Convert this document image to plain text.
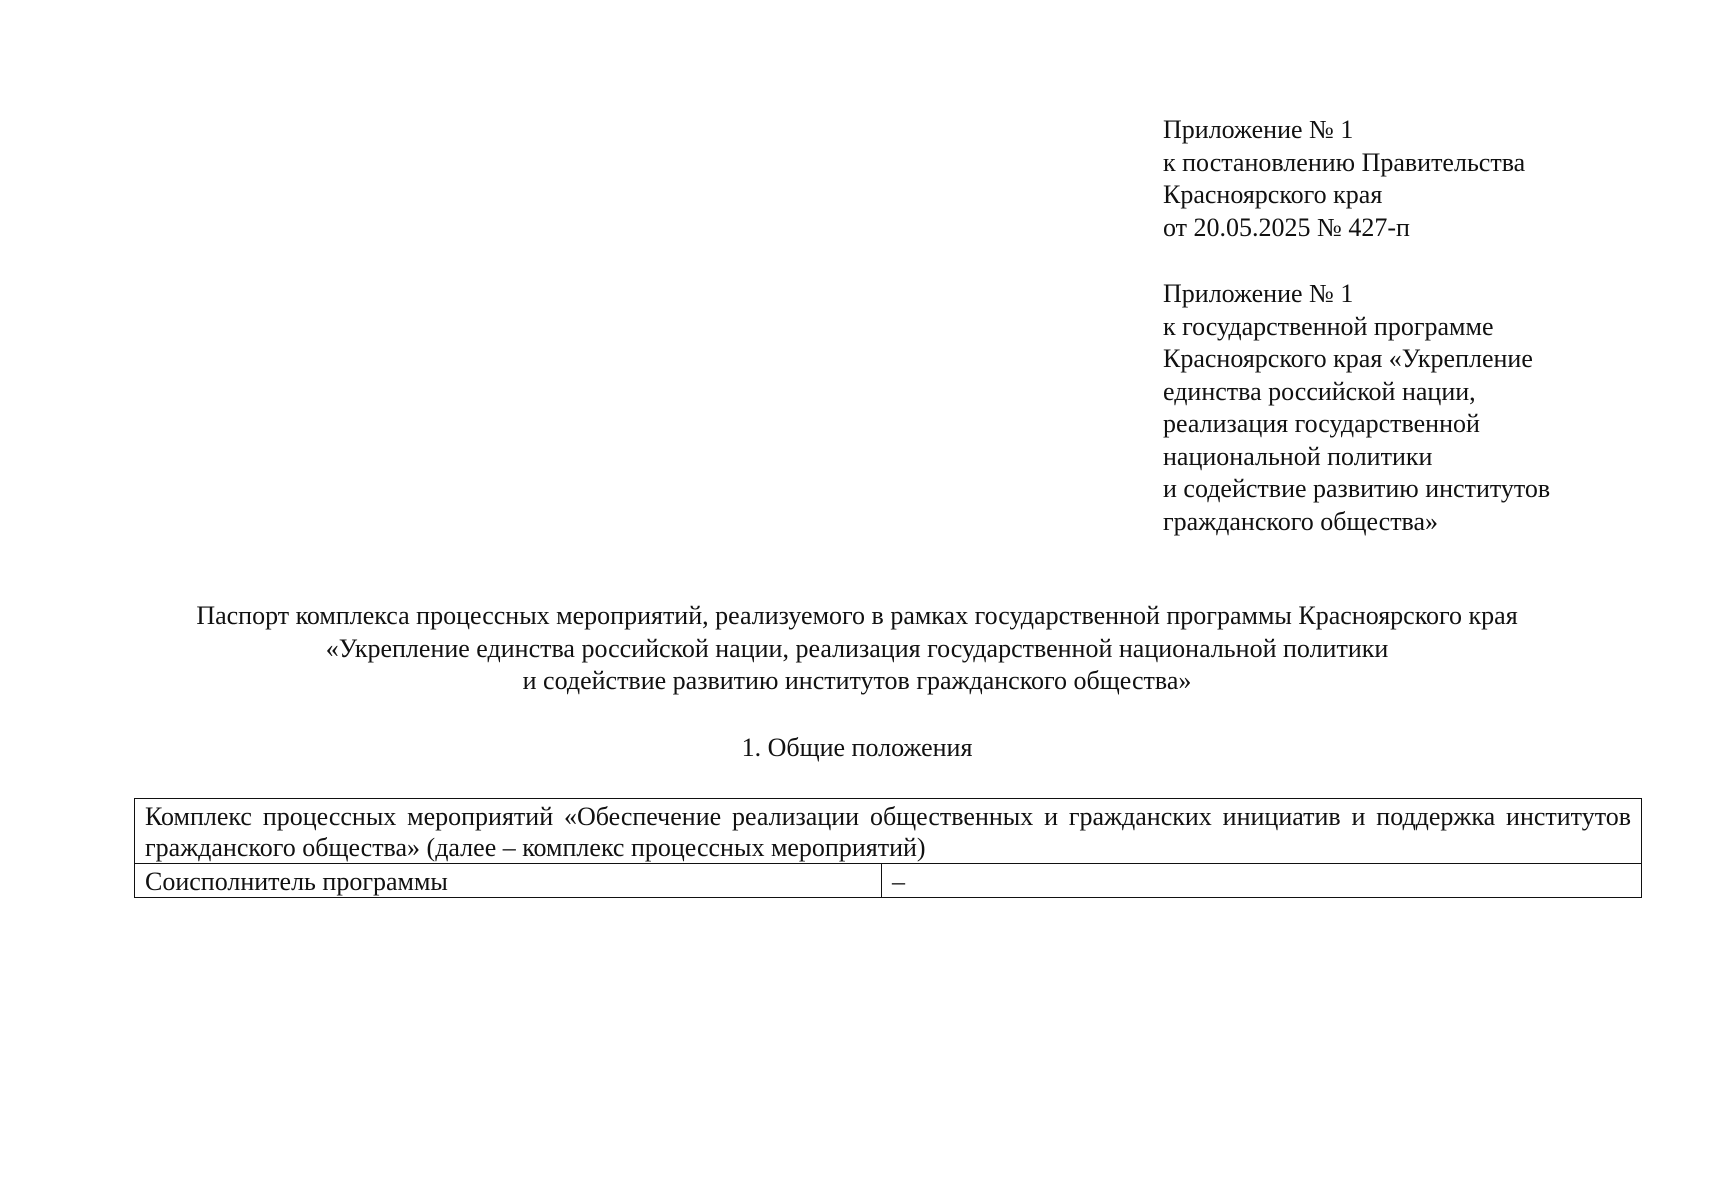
Приложение № 1
к постановлению Правительства
Красноярского края
от 20.05.2025 № 427-п
Приложение № 1
к государственной программе
Красноярского края «Укрепление
единства российской нации,
реализация государственной
национальной политики
и содействие развитию институтов
гражданского общества»
Паспорт комплекса процессных мероприятий, реализуемого в рамках государственной программы Красноярского края
«Укрепление единства российской нации, реализация государственной национальной политики
и содействие развитию институтов гражданского общества»
1. Общие положения
Комплекс процессных мероприятий «Обеспечение реализации общественных и гражданских инициатив и поддержка институтов гражданского общества» (далее – комплекс процессных мероприятий)
Соисполнитель программы	–
